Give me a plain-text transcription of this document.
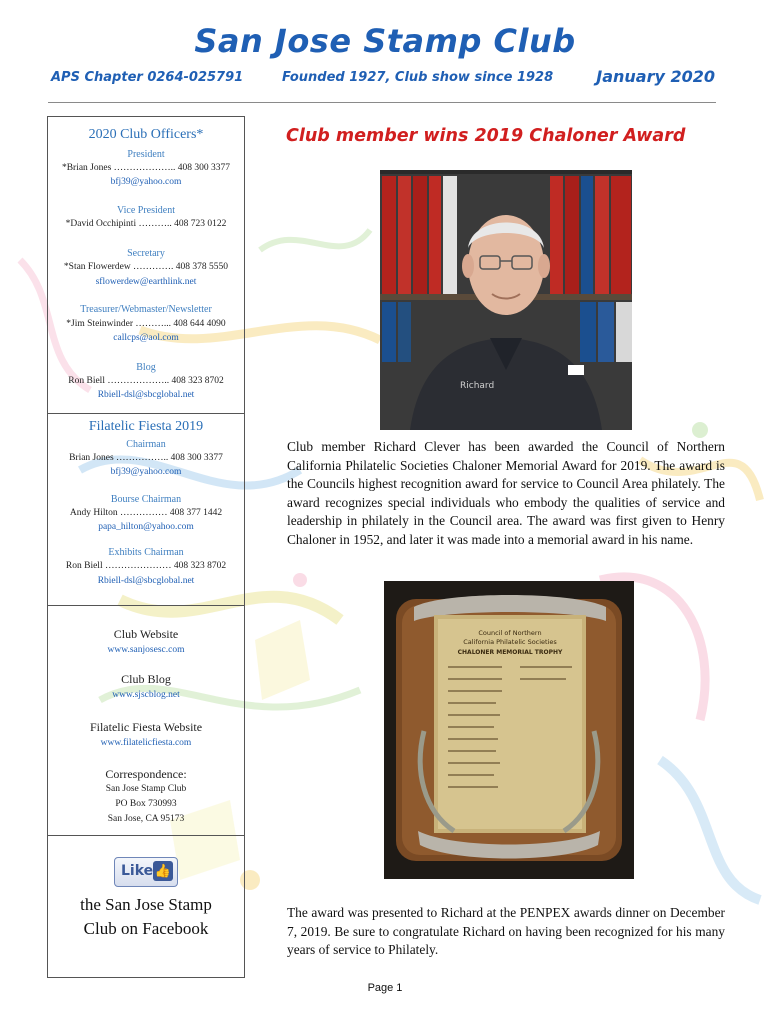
San Jose Stamp Club
APS Chapter 0264-025791	Founded 1927, Club show since 1928	January 2020
2020 Club Officers*
President
*Brian Jones ……………….. 408 300 3377
bfj39@yahoo.com
Vice President
*David Occhipinti ……….. 408 723 0122
Secretary
*Stan Flowerdew …………. 408 378 5550
sflowerdew@earthlink.net
Treasurer/Webmaster/Newsletter
*Jim Steinwinder ………... 408 644 4090
callcps@aol.com
Blog
Ron Biell ……………….. 408 323 8702
Rbiell-dsl@sbcglobal.net
Filatelic Fiesta 2019
Chairman
Brian Jones …………….. 408 300 3377
bfj39@yahoo.com
Bourse Chairman
Andy Hilton …………… 408 377 1442
papa_hilton@yahoo.com
Exhibits Chairman
Ron Biell ………………… 408 323 8702
Rbiell-dsl@sbcglobal.net
Club Website
www.sanjosesc.com
Club Blog
www.sjscblog.net
Filatelic Fiesta Website
www.filatelicfiesta.com
Correspondence:
San Jose Stamp Club
PO Box 730993
San Jose, CA 95173
Like 👍
the San Jose Stamp
Club on Facebook
Club member wins 2019 Chaloner Award
Richard
Club member Richard Clever has been awarded the Council of Northern California Philatelic Societies Chaloner Memorial Award for 2019. The award is the Councils highest recognition award for service to Council Area philately. The award recognizes special individuals who embody the qualities of service and leadership in philately in the Council area. The award was first given to Henry Chaloner in 1952, and later it was made into a memorial award in his name.
Council of Northern
California Philatelic Societies
CHALONER MEMORIAL TROPHY
The award was presented to Richard at the PENPEX awards dinner on December 7, 2019. Be sure to congratulate Richard on having been recognized for his many years of service to Philately.
Page 1
